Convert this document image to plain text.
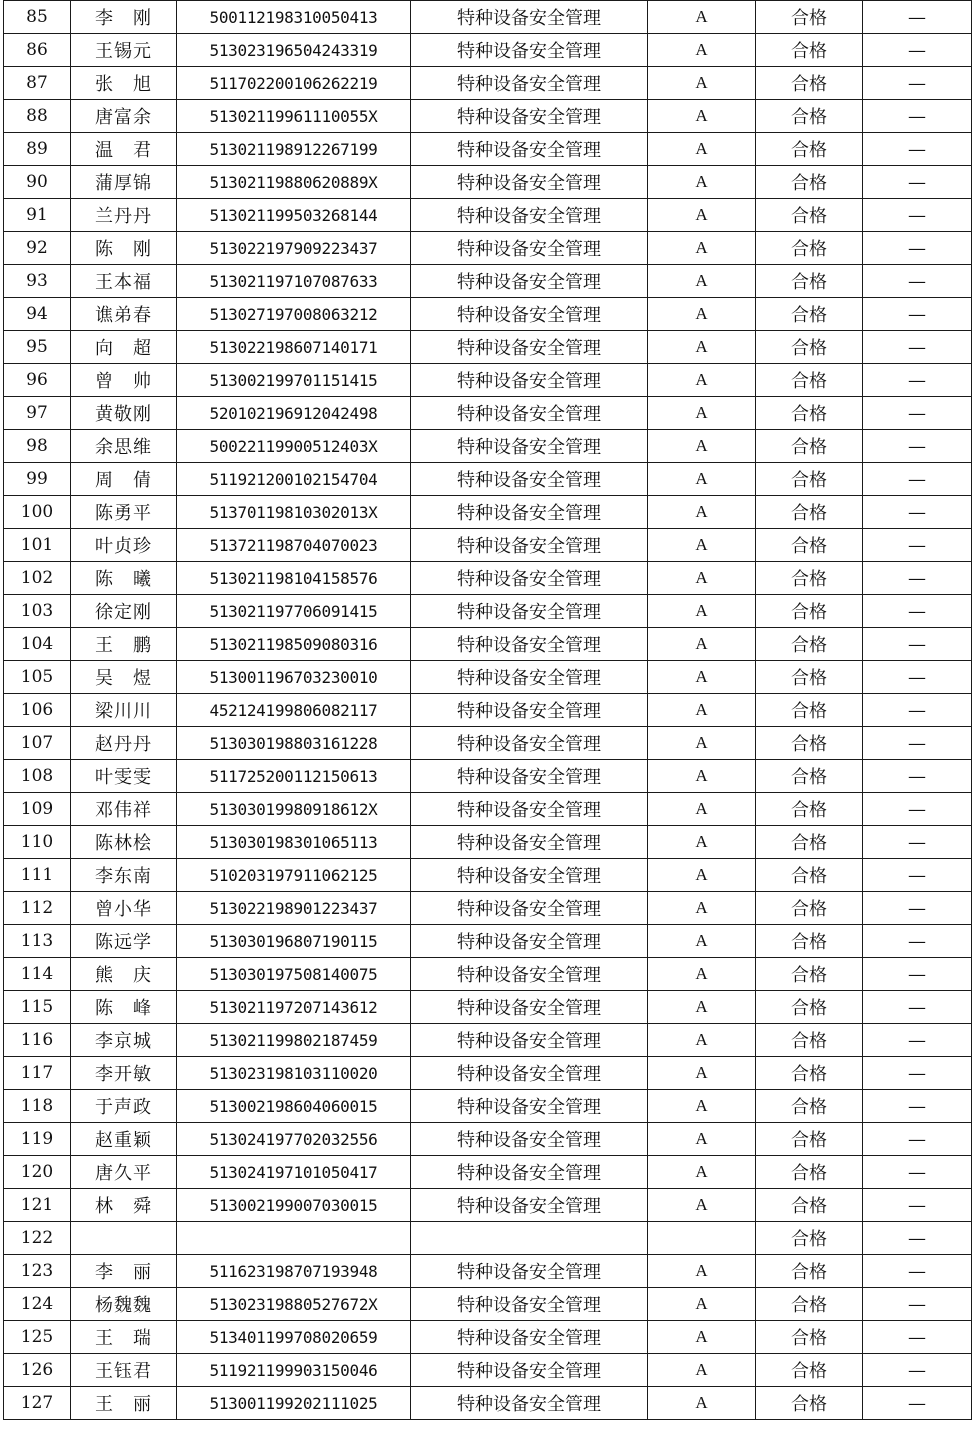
85	李　刚	500112198310050413	特种设备安全管理	A	合格	—
86	王锡元	513023196504243319	特种设备安全管理	A	合格	—
87	张　旭	511702200106262219	特种设备安全管理	A	合格	—
88	唐富余	51302119961110055X	特种设备安全管理	A	合格	—
89	温　君	513021198912267199	特种设备安全管理	A	合格	—
90	蒲厚锦	51302119880620889X	特种设备安全管理	A	合格	—
91	兰丹丹	513021199503268144	特种设备安全管理	A	合格	—
92	陈　刚	513022197909223437	特种设备安全管理	A	合格	—
93	王本福	513021197107087633	特种设备安全管理	A	合格	—
94	谯弟春	513027197008063212	特种设备安全管理	A	合格	—
95	向　超	513022198607140171	特种设备安全管理	A	合格	—
96	曾　帅	513002199701151415	特种设备安全管理	A	合格	—
97	黄敬刚	520102196912042498	特种设备安全管理	A	合格	—
98	余思维	50022119900512403X	特种设备安全管理	A	合格	—
99	周　倩	511921200102154704	特种设备安全管理	A	合格	—
100	陈勇平	51370119810302013X	特种设备安全管理	A	合格	—
101	叶贞珍	513721198704070023	特种设备安全管理	A	合格	—
102	陈　曦	513021198104158576	特种设备安全管理	A	合格	—
103	徐定刚	513021197706091415	特种设备安全管理	A	合格	—
104	王　鹏	513021198509080316	特种设备安全管理	A	合格	—
105	吴　煜	513001196703230010	特种设备安全管理	A	合格	—
106	梁川川	452124199806082117	特种设备安全管理	A	合格	—
107	赵丹丹	513030198803161228	特种设备安全管理	A	合格	—
108	叶雯雯	511725200112150613	特种设备安全管理	A	合格	—
109	邓伟祥	51303019980918612X	特种设备安全管理	A	合格	—
110	陈林桧	513030198301065113	特种设备安全管理	A	合格	—
111	李东南	510203197911062125	特种设备安全管理	A	合格	—
112	曾小华	513022198901223437	特种设备安全管理	A	合格	—
113	陈远学	513030196807190115	特种设备安全管理	A	合格	—
114	熊　庆	513030197508140075	特种设备安全管理	A	合格	—
115	陈　峰	513021197207143612	特种设备安全管理	A	合格	—
116	李京城	513021199802187459	特种设备安全管理	A	合格	—
117	李开敏	513023198103110020	特种设备安全管理	A	合格	—
118	于声政	513002198604060015	特种设备安全管理	A	合格	—
119	赵重颖	513024197702032556	特种设备安全管理	A	合格	—
120	唐久平	513024197101050417	特种设备安全管理	A	合格	—
121	林　舜	513002199007030015	特种设备安全管理	A	合格	—
122					合格	—
123	李　丽	511623198707193948	特种设备安全管理	A	合格	—
124	杨魏魏	51302319880527672X	特种设备安全管理	A	合格	—
125	王　瑞	513401199708020659	特种设备安全管理	A	合格	—
126	王钰君	511921199903150046	特种设备安全管理	A	合格	—
127	王　丽	513001199202111025	特种设备安全管理	A	合格	—
